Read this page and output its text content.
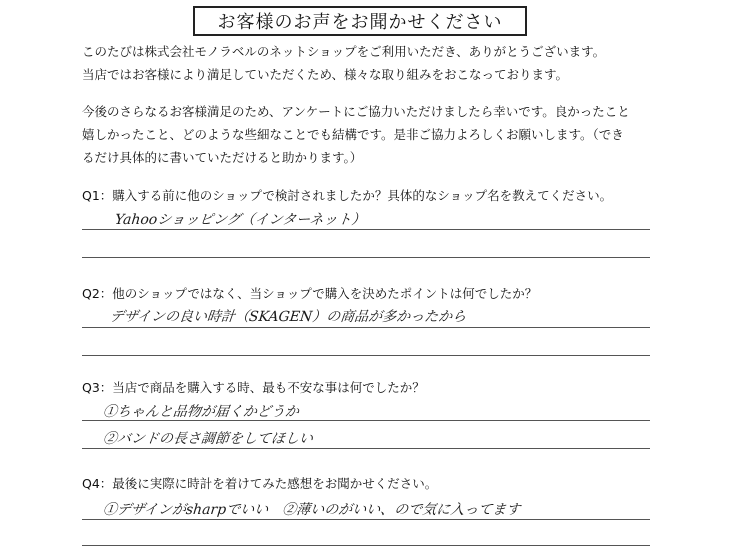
お客様のお声をお聞かせください
このたびは株式会社モノラベルのネットショップをご利用いただき、ありがとうございます。
当店ではお客様により満足していただくため、様々な取り組みをおこなっております。
今後のさらなるお客様満足のため、アンケートにご協力いただけましたら幸いです。良かったこと
嬉しかったこと、どのような些細なことでも結構です。是非ご協力よろしくお願いします。（でき
るだけ具体的に書いていただけると助かります。）
Q1：購入する前に他のショップで検討されましたか？具体的なショップ名を教えてください。
Yahooショッピング（インターネット）
Q2：他のショップではなく、当ショップで購入を決めたポイントは何でしたか？
デザインの良い時計（SKAGEN）の商品が多かったから
Q3：当店で商品を購入する時、最も不安な事は何でしたか？
①ちゃんと品物が届くかどうか
②バンドの長さ調節をしてほしい
Q4：最後に実際に時計を着けてみた感想をお聞かせください。
①デザインがsharpでいい　②薄いのがいい、ので気に入ってます
